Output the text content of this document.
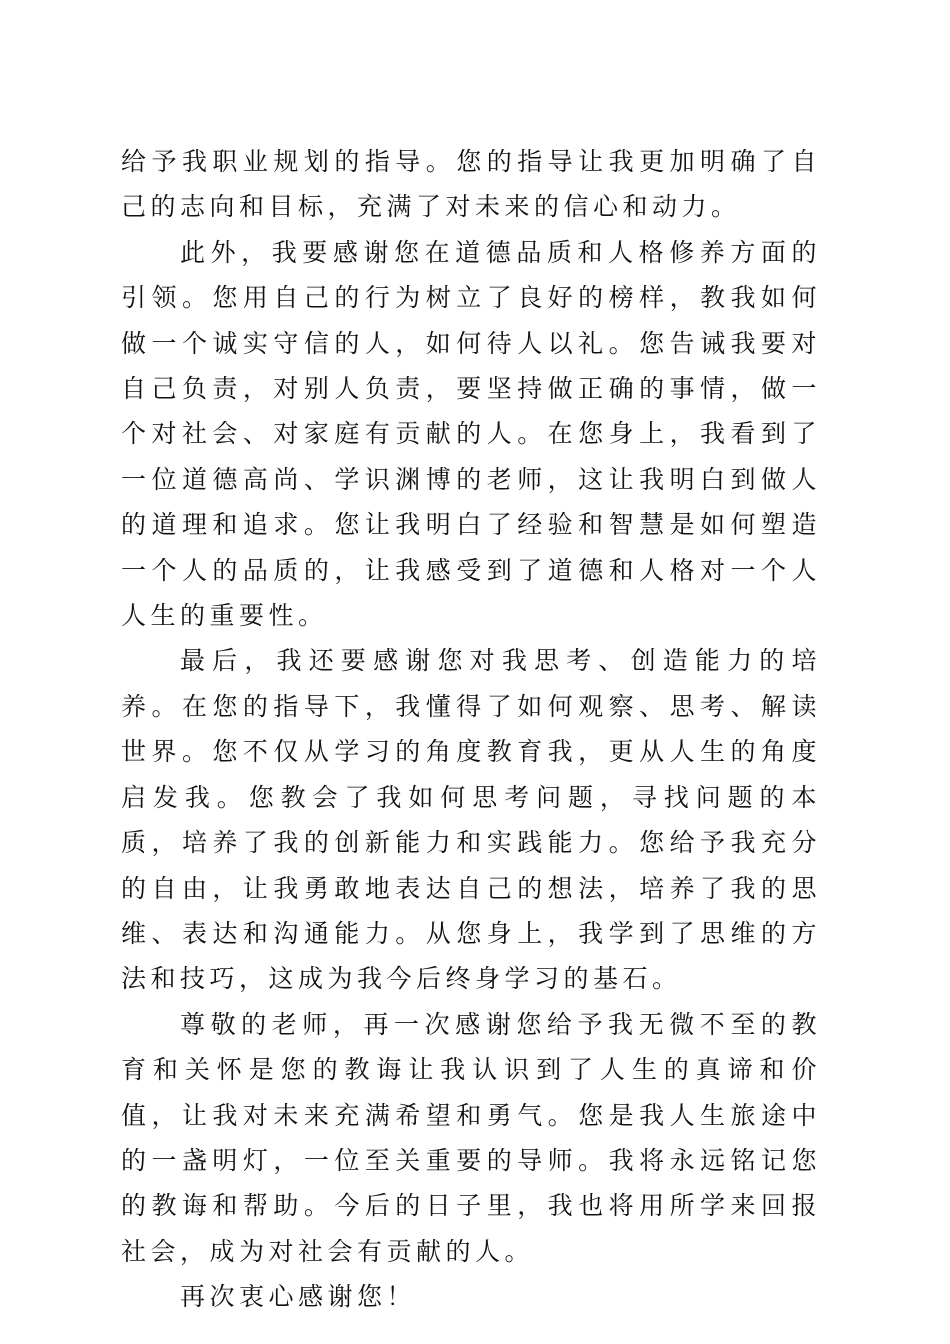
给予我职业规划的指导。您的指导让我更加明确了自己的志向和目标，充满了对未来的信心和动力。

此外，我要感谢您在道德品质和人格修养方面的引领。您用自己的行为树立了良好的榜样，教我如何做一个诚实守信的人，如何待人以礼。您告诫我要对自己负责，对别人负责，要坚持做正确的事情，做一个对社会、对家庭有贡献的人。在您身上，我看到了一位道德高尚、学识渊博的老师，这让我明白到做人的道理和追求。您让我明白了经验和智慧是如何塑造一个人的品质的，让我感受到了道德和人格对一个人人生的重要性。

最后，我还要感谢您对我思考、创造能力的培养。在您的指导下，我懂得了如何观察、思考、解读世界。您不仅从学习的角度教育我，更从人生的角度启发我。您教会了我如何思考问题，寻找问题的本质，培养了我的创新能力和实践能力。您给予我充分的自由，让我勇敢地表达自己的想法，培养了我的思维、表达和沟通能力。从您身上，我学到了思维的方法和技巧，这成为我今后终身学习的基石。

尊敬的老师，再一次感谢您给予我无微不至的教育和关怀是您的教诲让我认识到了人生的真谛和价值，让我对未来充满希望和勇气。您是我人生旅途中的一盏明灯，一位至关重要的导师。我将永远铭记您的教诲和帮助。今后的日子里，我也将用所学来回报社会，成为对社会有贡献的人。

再次衷心感谢您！
